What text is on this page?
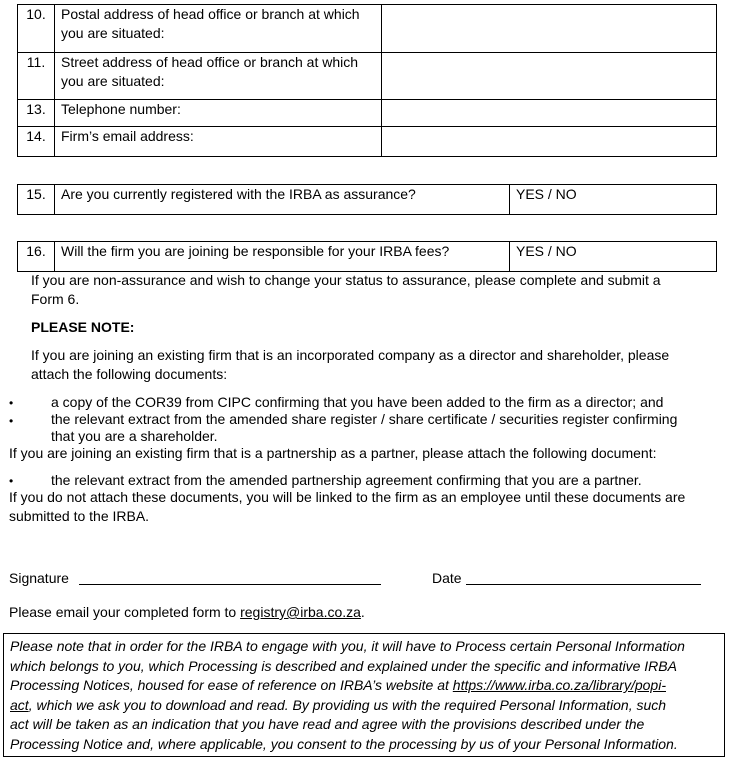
10.	Postal address of head office or branch at which
you are situated:	

11.	Street address of head office or branch at which
you are situated:	

13.	Telephone number:	
14.	Firm’s email address:	
15.	Are you currently registered with the IRBA as assurance?	YES / NO
16.	Will the firm you are joining be responsible for your IRBA fees?	YES / NO
If you are non-assurance and wish to change your status to assurance, please complete and submit a
Form 6.
PLEASE NOTE:
If you are joining an existing firm that is an incorporated company as a director and shareholder, please
attach the following documents:
•	a copy of the COR39 from CIPC confirming that you have been added to the firm as a director; and
•	the relevant extract from the amended share register / share certificate / securities register confirming
that you are a shareholder.
If you are joining an existing firm that is a partnership as a partner, please attach the following document:
•	the relevant extract from the amended partnership agreement confirming that you are a partner.
If you do not attach these documents, you will be linked to the firm as an employee until these documents are
submitted to the IRBA.
Signature	Date
Please email your completed form to registry@irba.co.za.
Please note that in order for the IRBA to engage with you, it will have to Process certain Personal Information
which belongs to you, which Processing is described and explained under the specific and informative IRBA
Processing Notices, housed for ease of reference on IRBA’s website at https://www.irba.co.za/library/popi-
act, which we ask you to download and read. By providing us with the required Personal Information, such
act will be taken as an indication that you have read and agree with the provisions described under the
Processing Notice and, where applicable, you consent to the processing by us of your Personal Information.
